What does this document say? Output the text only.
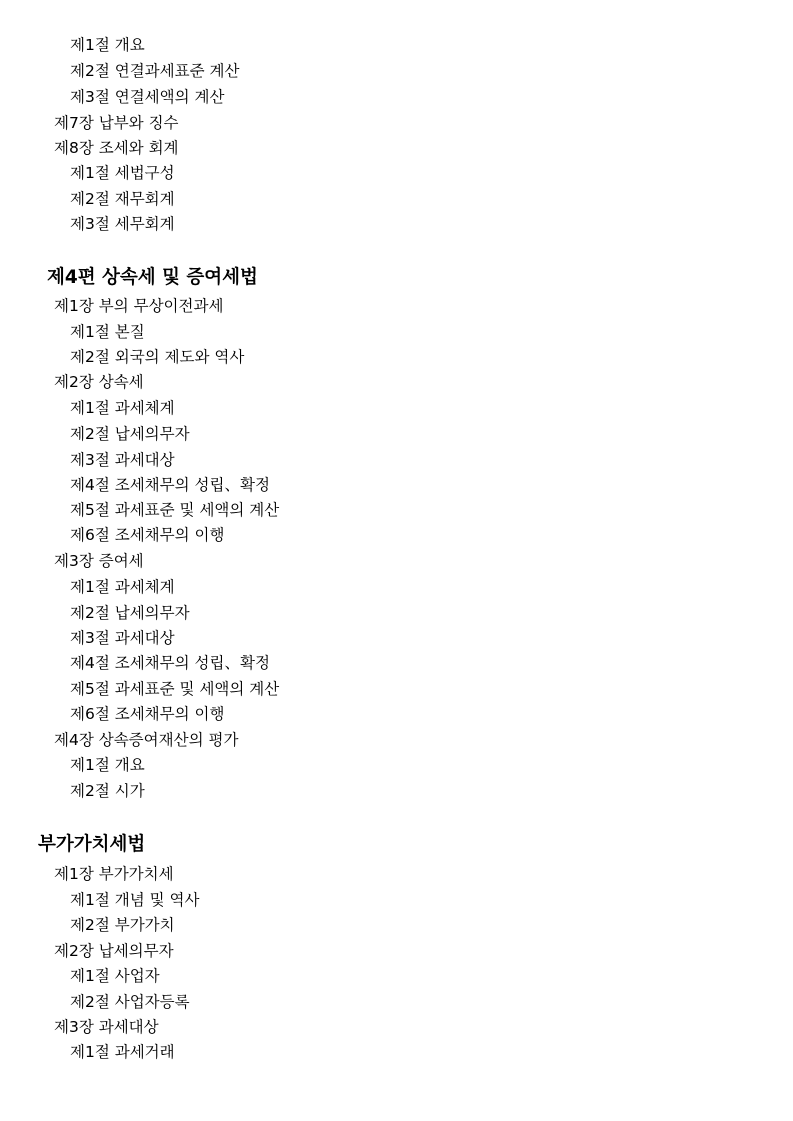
제1절 개요
제2절 연결과세표준 계산
제3절 연결세액의 계산
제7장 납부와 징수
제8장 조세와 회계
제1절 세법구성
제2절 재무회계
제3절 세무회계
제4편 상속세 및 증여세법
제1장 부의 무상이전과세
제1절 본질
제2절 외국의 제도와 역사
제2장 상속세
제1절 과세체계
제2절 납세의무자
제3절 과세대상
제4절 조세채무의 성립、확정
제5절 과세표준 및 세액의 계산
제6절 조세채무의 이행
제3장 증여세
제1절 과세체계
제2절 납세의무자
제3절 과세대상
제4절 조세채무의 성립、확정
제5절 과세표준 및 세액의 계산
제6절 조세채무의 이행
제4장 상속증여재산의 평가
제1절 개요
제2절 시가
부가가치세법
제1장 부가가치세
제1절 개념 및 역사
제2절 부가가치
제2장 납세의무자
제1절 사업자
제2절 사업자등록
제3장 과세대상
제1절 과세거래
